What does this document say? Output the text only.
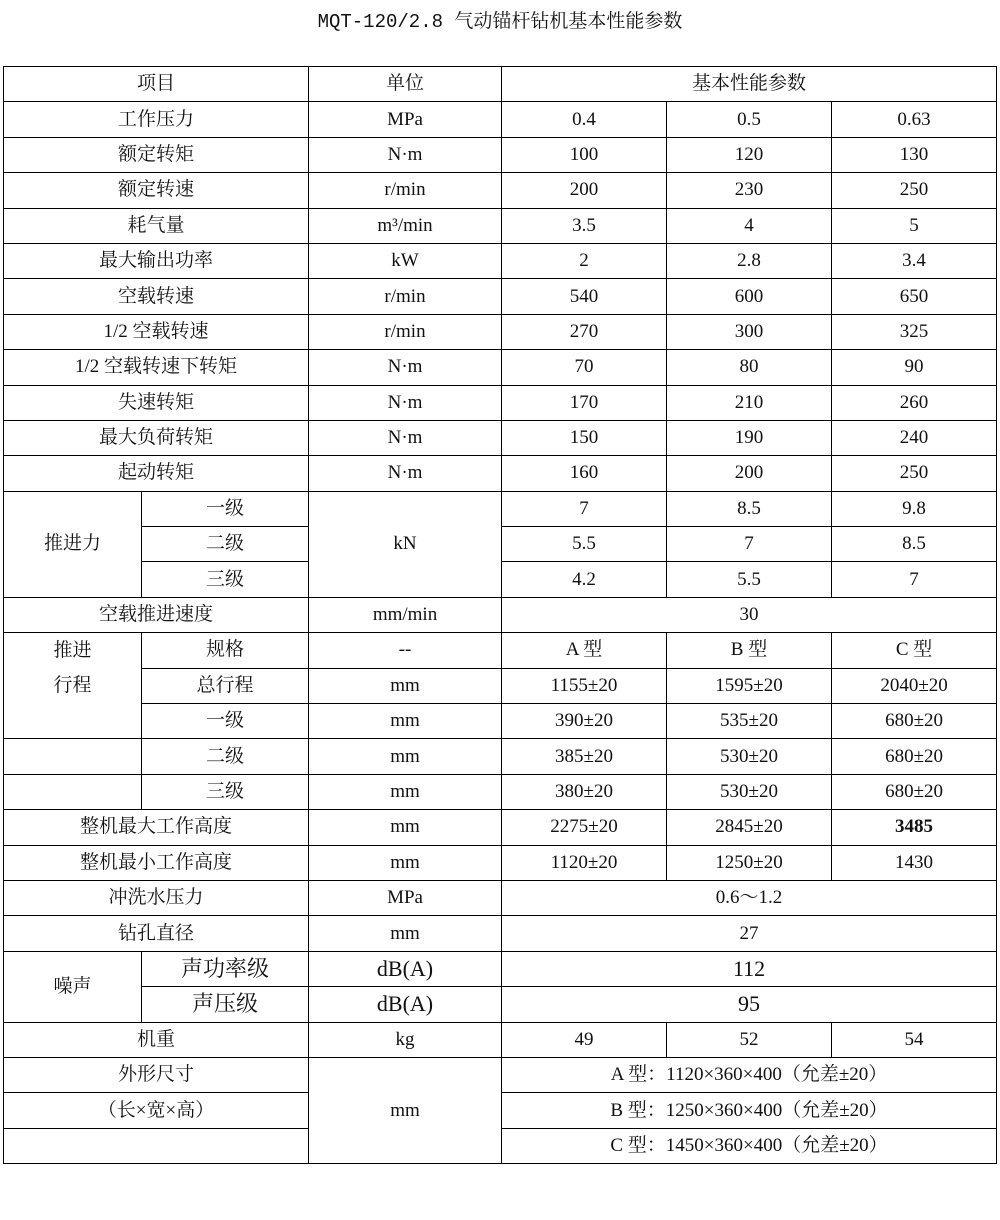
MQT-120/2.8 气动锚杆钻机基本性能参数
项目		单位	基本性能参数		
工作压力		MPa	0.4	0.5	0.63
额定转矩		N·m	100	120	130
额定转速		r/min	200	230	250
耗气量		m³/min	3.5	4	5
最大输出功率		kW	2	2.8	3.4
空载转速		r/min	540	600	650
1/2 空载转速		r/min	270	300	325
1/2 空载转速下转矩		N·m	70	80	90
失速转矩		N·m	170	210	260
最大负荷转矩		N·m	150	190	240
起动转矩		N·m	160	200	250
推进力	一级	kN	7	8.5	9.8
	二级		5.5	7	8.5
	三级		4.2	5.5	7
空载推进速度		mm/min	30		
推进	规格	--	A 型	B 型	C 型
行程	总行程	mm	1155±20	1595±20	2040±20
	一级	mm	390±20	535±20	680±20
	二级	mm	385±20	530±20	680±20
	三级	mm	380±20	530±20	680±20
整机最大工作高度		mm	2275±20	2845±20	3485
整机最小工作高度		mm	1120±20	1250±20	1430
冲洗水压力		MPa	0.6～1.2		
钻孔直径		mm	27		
噪声	声功率级	dB(A)	112		
	声压级	dB(A)	95		
机重		kg	49	52	54
外形尺寸		mm	A 型：1120×360×400（允差±20）		
（长×宽×高）			B 型：1250×360×400（允差±20）		
			C 型：1450×360×400（允差±20）		
